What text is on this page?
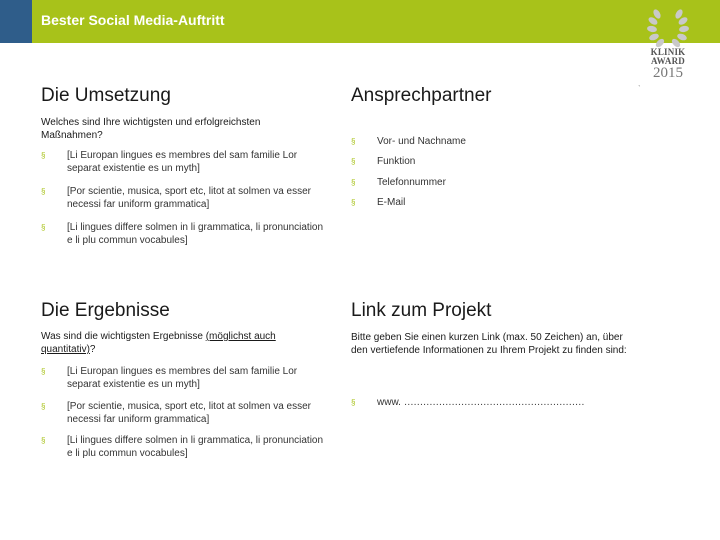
Bester Social Media-Auftritt
KLINIK
AWARD
2015
`
Die Umsetzung

Welches sind Ihre wichtigsten und erfolgreichsten Maßnahmen?

§ [Li Europan lingues es membres del sam familie Lor separat existentie es un myth]
§ [Por scientie, musica, sport etc, litot at solmen va esser necessi far uniform grammatica]
§ [Li lingues differe solmen in li grammatica, li pronunciation e li plu commun vocabules]
Ansprechpartner
§ Vor- und Nachname
§ Funktion
§ Telefonnummer
§ E-Mail
Die Ergebnisse

Was sind die wichtigsten Ergebnisse (möglichst auch quantitativ)?

§ [Li Europan lingues es membres del sam familie Lor separat existentie es un myth]
§ [Por scientie, musica, sport etc, litot at solmen va esser necessi far uniform grammatica]
§ [Li lingues differe solmen in li grammatica, li pronunciation e li plu commun vocabules]
Link zum Projekt

Bitte geben Sie einen kurzen Link (max. 50 Zeichen) an, über den vertiefende Informationen zu Ihrem Projekt zu finden sind:

§ www. …………………………………………………
